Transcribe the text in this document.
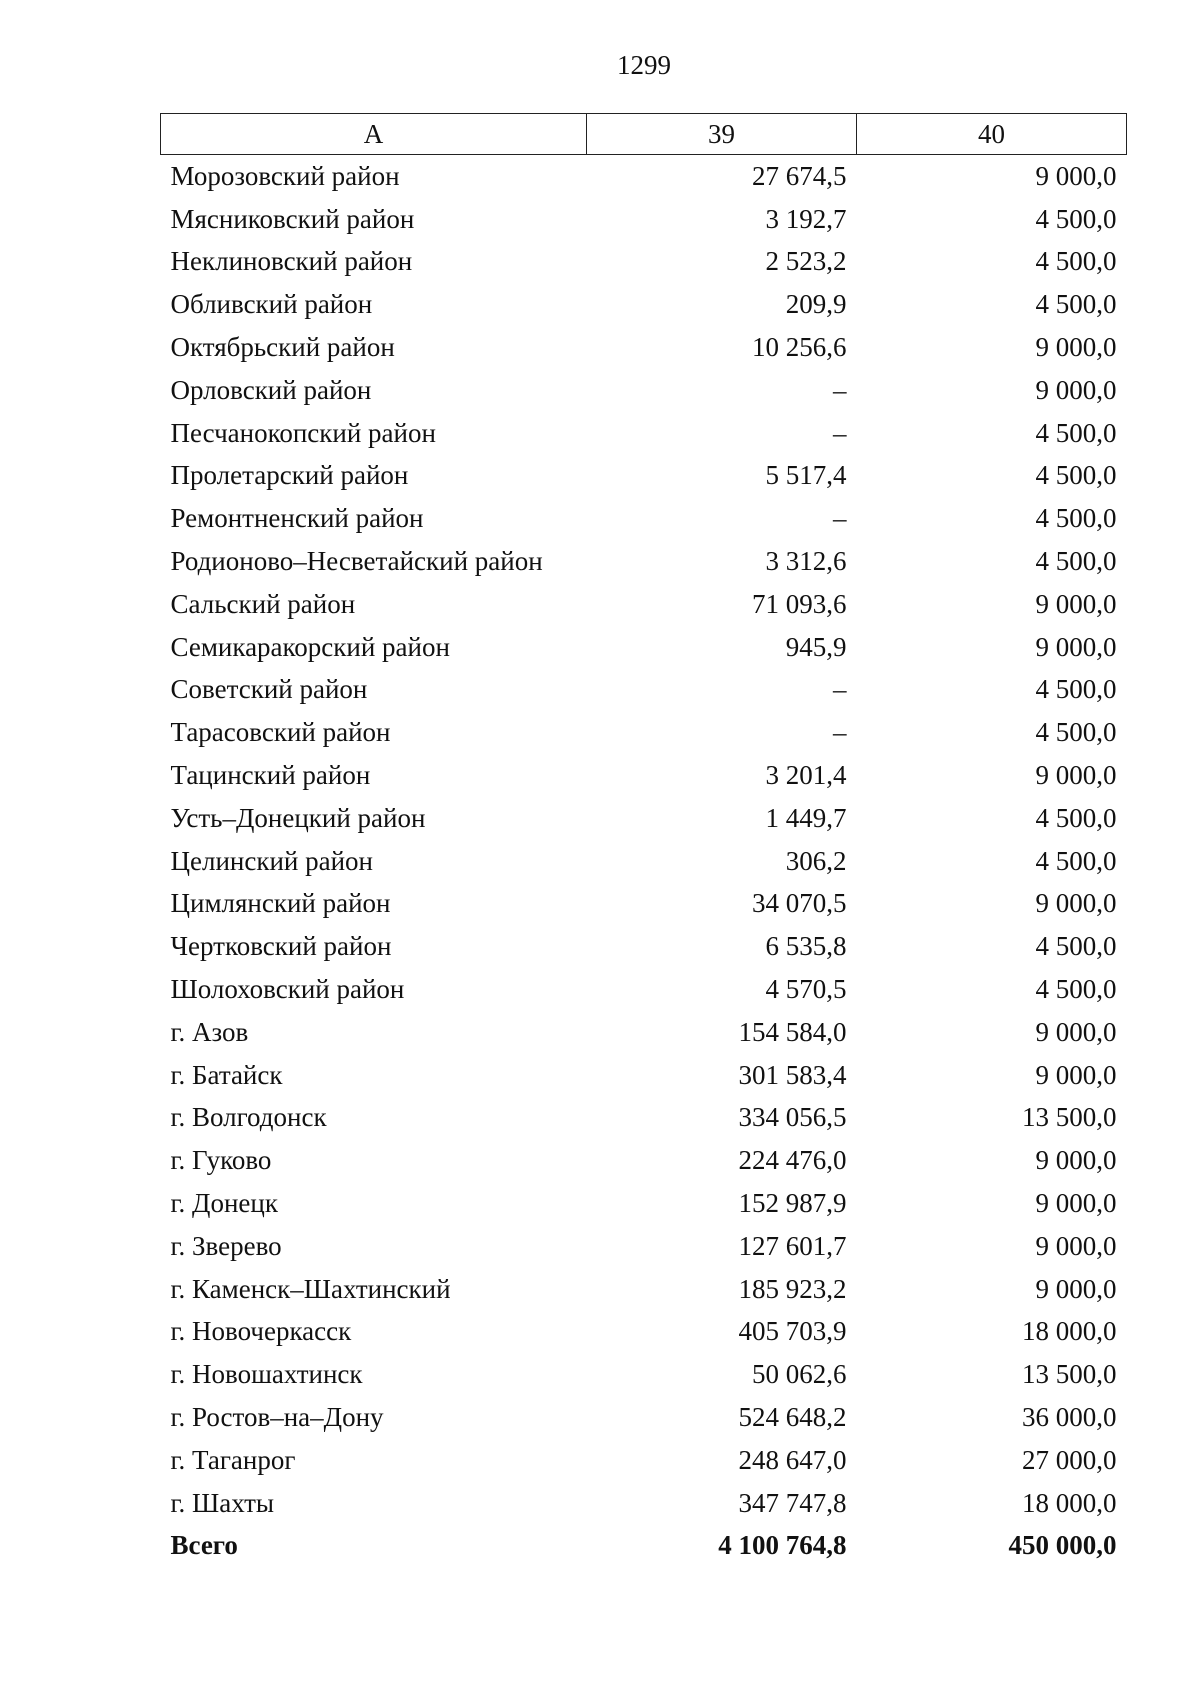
1299
А	39	40
Морозовский район	27 674,5	9 000,0
Мясниковский район	3 192,7	4 500,0
Неклиновский район	2 523,2	4 500,0
Обливский район	209,9	4 500,0
Октябрьский район	10 256,6	9 000,0
Орловский район	–	9 000,0
Песчанокопский район	–	4 500,0
Пролетарский район	5 517,4	4 500,0
Ремонтненский район	–	4 500,0
Родионово–Несветайский район	3 312,6	4 500,0
Сальский район	71 093,6	9 000,0
Семикаракорский район	945,9	9 000,0
Советский район	–	4 500,0
Тарасовский район	–	4 500,0
Тацинский район	3 201,4	9 000,0
Усть–Донецкий район	1 449,7	4 500,0
Целинский район	306,2	4 500,0
Цимлянский район	34 070,5	9 000,0
Чертковский район	6 535,8	4 500,0
Шолоховский район	4 570,5	4 500,0
г. Азов	154 584,0	9 000,0
г. Батайск	301 583,4	9 000,0
г. Волгодонск	334 056,5	13 500,0
г. Гуково	224 476,0	9 000,0
г. Донецк	152 987,9	9 000,0
г. Зверево	127 601,7	9 000,0
г. Каменск–Шахтинский	185 923,2	9 000,0
г. Новочеркасск	405 703,9	18 000,0
г. Новошахтинск	50 062,6	13 500,0
г. Ростов–на–Дону	524 648,2	36 000,0
г. Таганрог	248 647,0	27 000,0
г. Шахты	347 747,8	18 000,0
Всего	4 100 764,8	450 000,0
